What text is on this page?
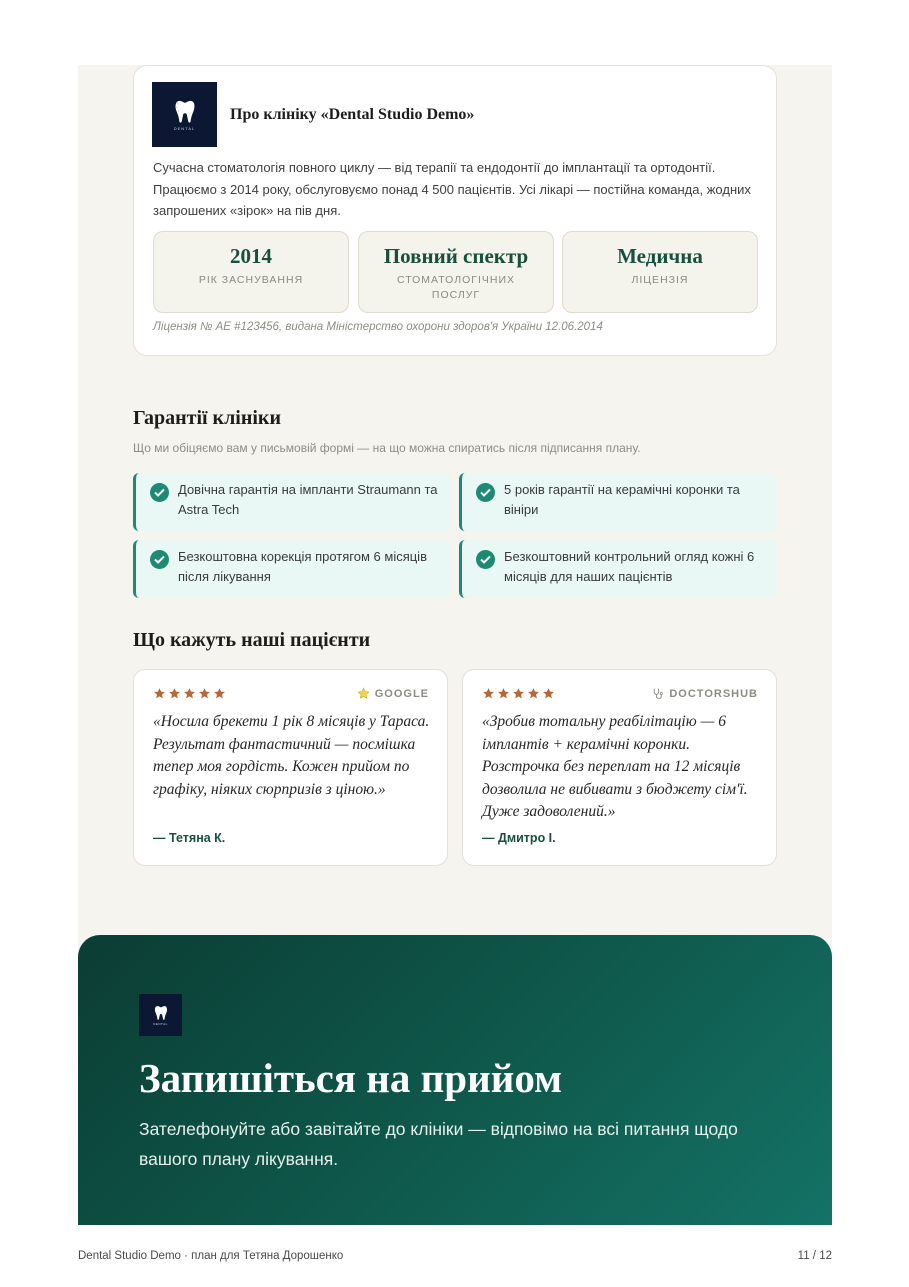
DENTAL
Про клініку «Dental Studio Demo»
Сучасна стоматологія повного циклу — від терапії та ендодонтії до імплантації та ортодонтії. Працюємо з 2014 року, обслуговуємо понад 4 500 пацієнтів. Усі лікарі — постійна команда, жодних запрошених «зірок» на пів дня.
2014
РІК ЗАСНУВАННЯ
Повний спектр
СТОМАТОЛОГІЧНИХ ПОСЛУГ
Медична
ЛІЦЕНЗІЯ
Ліцензія № АЕ #123456, видана Міністерство охорони здоров'я України 12.06.2014
Гарантії клініки
Що ми обіцяємо вам у письмовій формі — на що можна спиратись після підписання плану.
Довічна гарантія на імпланти Straumann та Astra Tech
5 років гарантії на керамічні коронки та вініри
Безкоштовна корекція протягом 6 місяців після лікування
Безкоштовний контрольний огляд кожні 6 місяців для наших пацієнтів
Що кажуть наші пацієнти
GOOGLE
«Носила брекети 1 рік 8 місяців у Тараса. Результат фантастичний — посмішка тепер моя гордість. Кожен прийом по графіку, ніяких сюрпризів з ціною.»
— Тетяна К.
DOCTORSHUB
«Зробив тотальну реабілітацію — 6 імплантів + керамічні коронки. Розстрочка без переплат на 12 місяців дозволила не вибивати з бюджету сім'ї. Дуже задоволений.»
— Дмитро І.
DENTAL
Запишіться на прийом
Зателефонуйте або завітайте до клініки — відповімо на всі питання щодо вашого плану лікування.
Dental Studio Demo · план для Тетяна Дорошенко	11 / 12
